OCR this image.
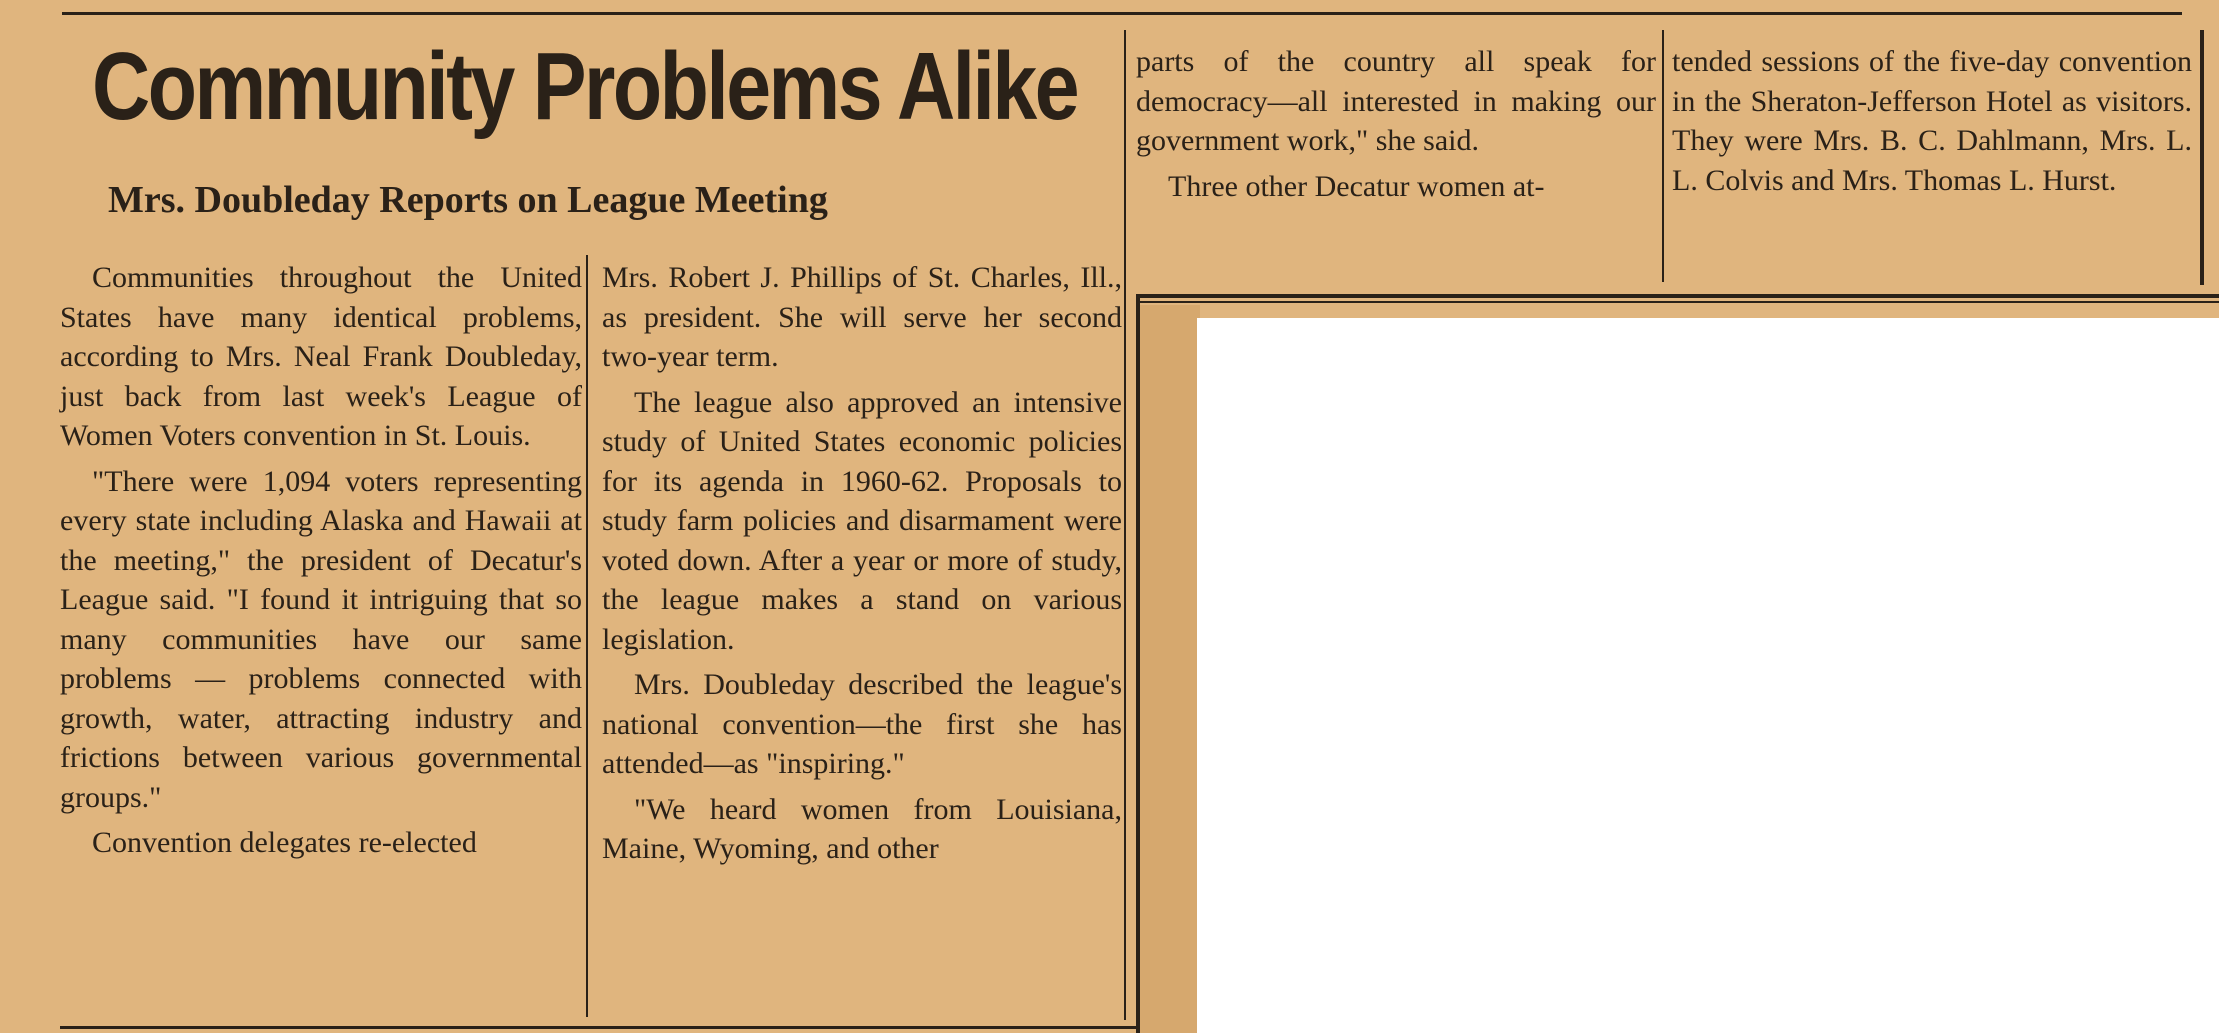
Community Problems Alike
Mrs. Doubleday Reports on League Meeting

Communities throughout the United States have many identical problems, according to Mrs. Neal Frank Doubleday, just back from last week's League of Women Voters convention in St. Louis.

"There were 1,094 voters representing every state including Alaska and Hawaii at the meeting," the president of Decatur's League said. "I found it intriguing that so many communities have our same problems — problems connected with growth, water, attracting industry and frictions between various governmental groups."

Convention delegates re-elected

Mrs. Robert J. Phillips of St. Charles, Ill., as president. She will serve her second two-year term.

The league also approved an intensive study of United States economic policies for its agenda in 1960-62. Proposals to study farm policies and disarmament were voted down. After a year or more of study, the league makes a stand on various legislation.

Mrs. Doubleday described the league's national convention—the first she has attended—as "inspiring."

"We heard women from Louisiana, Maine, Wyoming, and other

parts of the country all speak for democracy—all interested in making our government work," she said.

Three other Decatur women at-

tended sessions of the five-day convention in the Sheraton-Jefferson Hotel as visitors. They were Mrs. B. C. Dahlmann, Mrs. L. L. Colvis and Mrs. Thomas L. Hurst.
